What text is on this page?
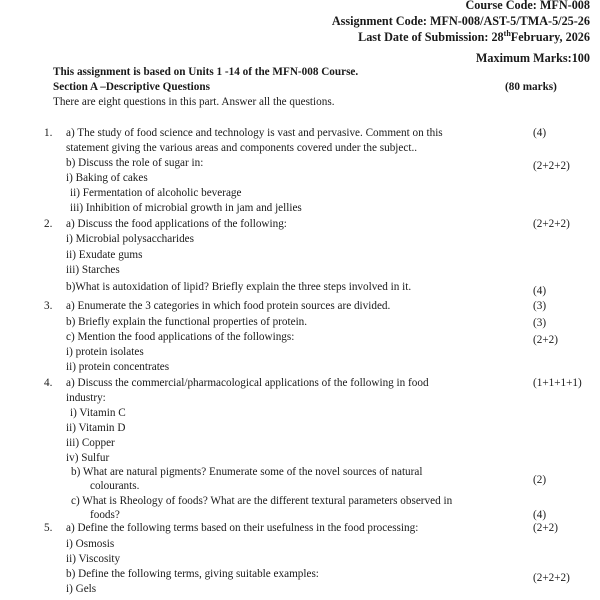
Course Code: MFN-008
Assignment Code: MFN-008/AST-5/TMA-5/25-26
Last Date of Submission: 28thFebruary, 2026
Maximum Marks:100
This assignment is based on Units 1 -14 of the MFN-008 Course.
Section A –Descriptive Questions	(80 marks)
There are eight questions in this part. Answer all the questions.
1. a) The study of food science and technology is vast and pervasive. Comment on this	(4)
statement giving the various areas and components covered under the subject..
b) Discuss the role of sugar in:	(2+2+2)
i) Baking of cakes
ii) Fermentation of alcoholic beverage
iii) Inhibition of microbial growth in jam and jellies
2. a) Discuss the food applications of the following:	(2+2+2)
i) Microbial polysaccharides
ii) Exudate gums
iii) Starches
b)What is autoxidation of lipid? Briefly explain the three steps involved in it.	(4)
3. a) Enumerate the 3 categories in which food protein sources are divided.	(3)
b) Briefly explain the functional properties of protein.	(3)
c) Mention the food applications of the followings:	(2+2)
i) protein isolates
ii) protein concentrates
4. a) Discuss the commercial/pharmacological applications of the following in food	(1+1+1+1)
industry:
i) Vitamin C
ii) Vitamin D
iii) Copper
iv) Sulfur
b) What are natural pigments? Enumerate some of the novel sources of natural
colourants.	(2)
c) What is Rheology of foods? What are the different textural parameters observed in
foods?	(4)
5. a) Define the following terms based on their usefulness in the food processing:	(2+2)
i) Osmosis
ii) Viscosity
b) Define the following terms, giving suitable examples:	(2+2+2)
i) Gels
